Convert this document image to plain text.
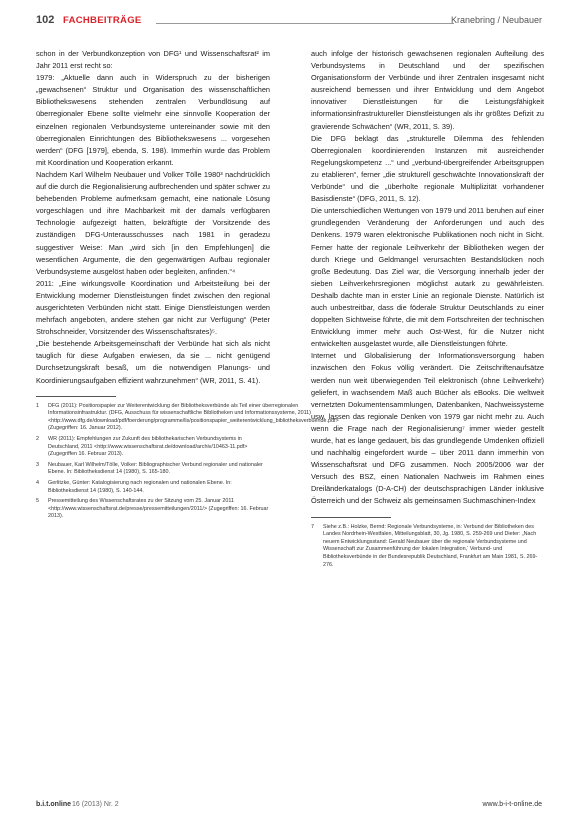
102 FACHBEITRÄGE	Kranebring / Neubauer

schon in der Verbundkonzeption von DFG¹ und Wissenschaftsrat² im Jahr 2011 erst recht so:

1979: „Aktuelle dann auch in Widerspruch zu der bisherigen „gewachsenen“ Struktur und Organisation des wissenschaftlichen Bibliothekswesens stehenden zentralen Verbundlösung auf überregionaler Ebene sollte vielmehr eine sinnvolle Kooperation der einzelnen regionalen Verbundsysteme untereinander sowie mit den überregionalen Einrichtungen des Bibliothekswesens ... vorgesehen werden“ (DFG [1979], ebenda, S. 198). Immerhin wurde das Problem mit Koordination und Kooperation erkannt.

Nachdem Karl Wilhelm Neubauer und Volker Tölle 1980³ nachdrücklich auf die durch die Regionalisierung aufbrechenden und später schwer zu behebenden Probleme aufmerksam gemacht, eine nationale Lösung vorgeschlagen und ihre Machbarkeit mit der damals verfügbaren Technologie aufgezeigt hatten, bekräftigte der Vorsitzende des zuständigen DFG-Unterausschusses nach 1981 in geradezu suggestiver Weise: Man „wird sich [in den Empfehlungen] die wesentlichen Argumente, die den gegenwärtigen Aufbau regionaler Verbundsysteme ausgelöst haben oder begleiten, anfinden.“⁴

2011: „Eine wirkungsvolle Koordination und Arbeitsteilung bei der Entwicklung moderner Dienstleistungen findet zwischen den regional ausgerichteten Verbünden nicht statt. Einige Dienstleistungen werden mehrfach angeboten, andere stehen gar nicht zur Verfügung“ (Peter Strohschneider, Vorsitzender des Wissenschaftsrates)⁵.

„Die bestehende Arbeitsgemeinschaft der Verbünde hat sich als nicht tauglich für diese Aufgaben erwiesen, da sie ... nicht genügend Durchsetzungskraft besaß, um die notwendigen Planungs- und Koordinierungsaufgaben effizient wahrzunehmen“ (WR, 2011, S. 41).

1	DFG (2011): Positionspapier zur Weiterentwicklung der Bibliotheksverbünde als Teil einer überregionalen Informationsinfrastruktur. (DFG, Ausschuss für wissenschaftliche Bibliotheken und Informationssysteme, 2011) <http://www.dfg.de/download/pdf/foerderung/programme/lis/positionspapier_weiterentwicklung_bibliotheksverbuende.pdf> (Zugegriffen: 16. Januar 2012).
2	WR (2011): Empfehlungen zur Zukunft des bibliothekarischen Verbundsystems in Deutschland, 2011 <http://www.wissenschaftsrat.de/download/archiv/10463-11.pdf> (Zugegriffen 16. Februar 2013).
3	Neubauer, Karl Wilhelm/Tölle, Volker: Bibliographischer Verbund regionaler und nationaler Ebene. In: Bibliotheksdienst 14 (1980), S. 165-180.
4	Gerlitzke, Günter: Katalogisierung nach regionalen und nationalen Ebene. In: Bibliotheksdienst 14 (1980), S. 140-144.
5	Pressemitteilung des Wissenschaftsrates zu der Sitzung vom 25. Januar 2011 <http://www.wissenschaftsrat.de/presse/pressemitteilungen/2011/> (Zugegriffen: 16. Februar 2013).

auch infolge der historisch gewachsenen regionalen Aufteilung des Verbundsystems in Deutschland und der spezifischen Organisationsform der Verbünde und ihrer Zentralen insgesamt nicht ausreichend bemessen und ihrer Entwicklung und dem Angebot innovativer Dienstleistungen für die Leistungsfähigkeit informationsinfrastruktureller Dienstleistungen als ihr größtes Defizit zu gravierende Schwächen“ (WR, 2011, S. 39).

Die DFG beklagt das „strukturelle Dilemma des fehlenden Oberregionalen koordinierenden Instanzen mit ausreichender Regelungskompetenz ...“ und „verbund-übergreifender Arbeitsgruppen zu etablieren“, ferner „die strukturell geschwächte Innovationskraft der Verbünde“ und die „überholte regionale Multiplizität vorhandener Basisdienste“ (DFG, 2011, S. 12).

Die unterschiedlichen Wertungen von 1979 und 2011 beruhen auf einer grundlegenden Veränderung der Anforderungen und auch des Denkens. 1979 waren elektronische Publikationen noch nicht in Sicht. Ferner hatte der regionale Leihverkehr der Bibliotheken wegen der durch Kriege und Geldmangel verursachten Bestandslücken noch große Bedeutung. Das Ziel war, die Versorgung innerhalb jeder der sieben Leihverkehrsregionen möglichst autark zu gewährleisten. Deshalb dachte man in erster Linie an regionale Dienste. Natürlich ist auch unbestreitbar, dass die föderale Struktur Deutschlands zu einer doppelten Sichtweise führte, die mit dem Fortschreiten der technischen Entwicklung immer mehr auch Ost-West, für die Nutzer nicht entwickelten ausgelastet wurde, alle Dienstleistungen führte.

Internet und Globalisierung der Informationsversorgung haben inzwischen den Fokus völlig verändert. Die Zeitschriftenaufsätze werden nun weit überwiegenden Teil elektronisch (ohne Leihverkehr) geliefert, in wachsendem Maß auch Bücher als eBooks. Die weltweit vernetzten Dokumentensammlungen, Datenbanken, Nachweissysteme usw. lassen das regionale Denken von 1979 gar nicht mehr zu. Auch wenn die Frage nach der Regionalisierung⁷ immer wieder gestellt wurde, hat es lange gedauert, bis das grundlegende Umdenken offiziell und nachhaltig eingefordert wurde – über 2011 dann immerhin von Wissenschaftsrat und DFG zusammen. Noch 2005/2006 war der Versuch des BSZ, einen Nationalen Nachweis im Rahmen eines Dreiländerkatalogs (D-A-CH) der deutschsprachigen Länder inklusive Österreich und der Schweiz als gemeinsamen Suchmaschinen-Index

7	Siehe z.B.: Holzke, Bernd: Regionale Verbundsysteme, in: Verbund der Bibliotheken des Landes Nordrhein-Westfalen, Mitteilungsblatt, 30, Jg. 1980, S. 259-269 und Dieter: „Nach neuem Entwicklungsstand: Gerald Neubauer über die regionale Verbundsysteme und Wissenschaft zur Zusammenführung der lokalen Integration,‘ Verbund- und Bibliotheksverbünde in der Bundesrepublik Deutschland, Frankfurt am Main 1981, S. 269-276.
b.i.t.online 16 (2013) Nr. 2	www.b-i-t-online.de
